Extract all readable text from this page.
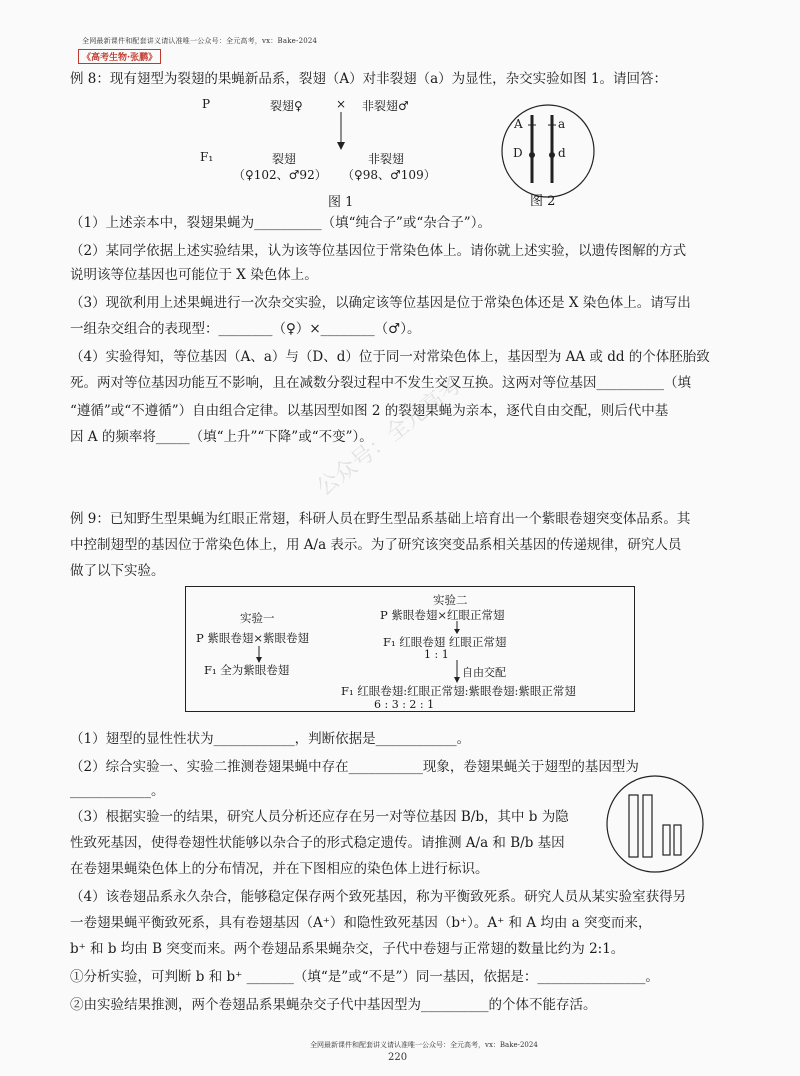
全网最新课件和配套讲义请认准唯一公众号：全元高考，vx：Bake-2024
《高考生物·张鹏》
公众号：全元高考
例 8：现有翅型为裂翅的果蝇新品系，裂翅（A）对非裂翅（a）为显性，杂交实验如图 1。请回答：
P	裂翅♀	× 非裂翅♂
F₁	裂翅
（♀102、♂92）
非裂翅
（♀98、♂109）
图 1
A	a
D	d
图 2
（1）上述亲本中，裂翅果蝇为__________（填“纯合子”或“杂合子”）。
（2）某同学依据上述实验结果，认为该等位基因位于常染色体上。请你就上述实验，以遗传图解的方式
说明该等位基因也可能位于 X 染色体上。
（3）现欲利用上述果蝇进行一次杂交实验，以确定该等位基因是位于常染色体还是 X 染色体上。请写出
一组杂交组合的表现型：________（♀）×________（♂）。
（4）实验得知，等位基因（A、a）与（D、d）位于同一对常染色体上，基因型为 AA 或 dd 的个体胚胎致
死。两对等位基因功能互不影响，且在减数分裂过程中不发生交叉互换。这两对等位基因__________（填
“遵循”或“不遵循”）自由组合定律。以基因型如图 2 的裂翅果蝇为亲本，逐代自由交配，则后代中基
因 A 的频率将_____（填“上升”“下降”或“不变”）。
例 9：已知野生型果蝇为红眼正常翅，科研人员在野生型品系基础上培育出一个紫眼卷翅突变体品系。其
中控制翅型的基因位于常染色体上，用 A/a 表示。为了研究该突变品系相关基因的传递规律，研究人员
做了以下实验。
实验一
P 紫眼卷翅×紫眼卷翅
F₁ 全为紫眼卷翅
实验二
P 紫眼卷翅×红眼正常翅
F₁ 红眼卷翅 红眼正常翅
1 : 1
自由交配
F₁ 红眼卷翅:红眼正常翅:紫眼卷翅:紫眼正常翅
6 : 3 : 2 : 1
（1）翅型的显性性状为____________，判断依据是____________。
（2）综合实验一、实验二推测卷翅果蝇中存在___________现象，卷翅果蝇关于翅型的基因型为
____________。
（3）根据实验一的结果，研究人员分析还应存在另一对等位基因 B/b，其中 b 为隐
性致死基因，使得卷翅性状能够以杂合子的形式稳定遗传。请推测 A/a 和 B/b 基因
在卷翅果蝇染色体上的分布情况，并在下图相应的染色体上进行标识。
（4）该卷翅品系永久杂合，能够稳定保存两个致死基因，称为平衡致死系。研究人员从某实验室获得另
一卷翅果蝇平衡致死系，具有卷翅基因（A⁺）和隐性致死基因（b⁺）。A⁺ 和 A 均由 a 突变而来，
b⁺ 和 b 均由 B 突变而来。两个卷翅品系果蝇杂交，子代中卷翅与正常翅的数量比约为 2:1。
①分析实验，可判断 b 和 b⁺ _______（填“是”或“不是”）同一基因，依据是：________________。
②由实验结果推测，两个卷翅品系果蝇杂交子代中基因型为__________的个体不能存活。
全网最新课件和配套讲义请认准唯一公众号：全元高考，vx：Bake-2024
220
